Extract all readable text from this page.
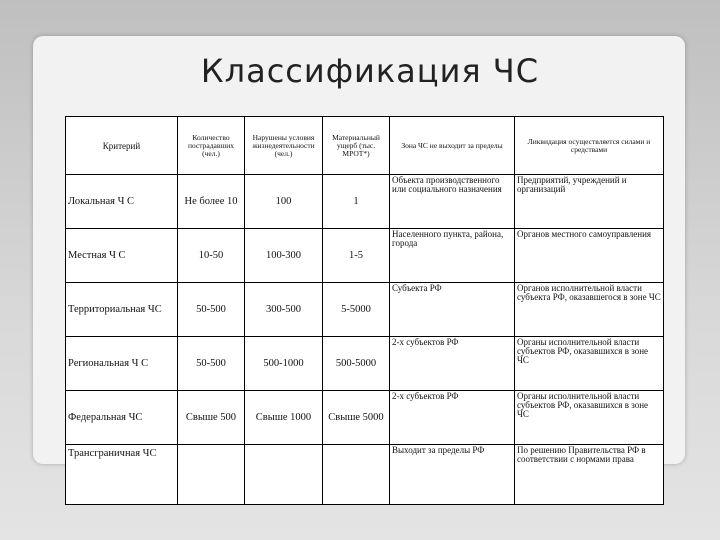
Классификация ЧС
Критерий	Количество пострадавших (чел.)	Нарушены условия жизнедеятельности (чел.)	Материальный ущерб (тыс. МРОТ*)	Зона ЧС не выходит за пределы	Ликвидация осуществляется силами и средствами
Локальная Ч С	Не более 10	100	1	Объекта производственного или социального назначения	Предприятий, учреждений и организаций
Местная Ч С	10-50	100-300	1-5	Населенного пункта, района, города	Органов местного самоуправления
Территориальная ЧС	50-500	300-500	5-5000	Субъекта РФ	Органов исполнительной власти субъекта РФ, оказавшегося в зоне ЧС
Региональная Ч С	50-500	500-1000	500-5000	2-х субъектов РФ	Органы исполнительной власти субъектов РФ, оказавшихся в зоне ЧС
Федеральная ЧС	Свыше 500	Свыше 1000	Свыше 5000	2-х субъектов РФ	Органы исполнительной власти субъектов РФ, оказавшихся в зоне ЧС
Трансграничная ЧС				Выходит за пределы РФ	По решению Правительства РФ в соответствии с нормами права
